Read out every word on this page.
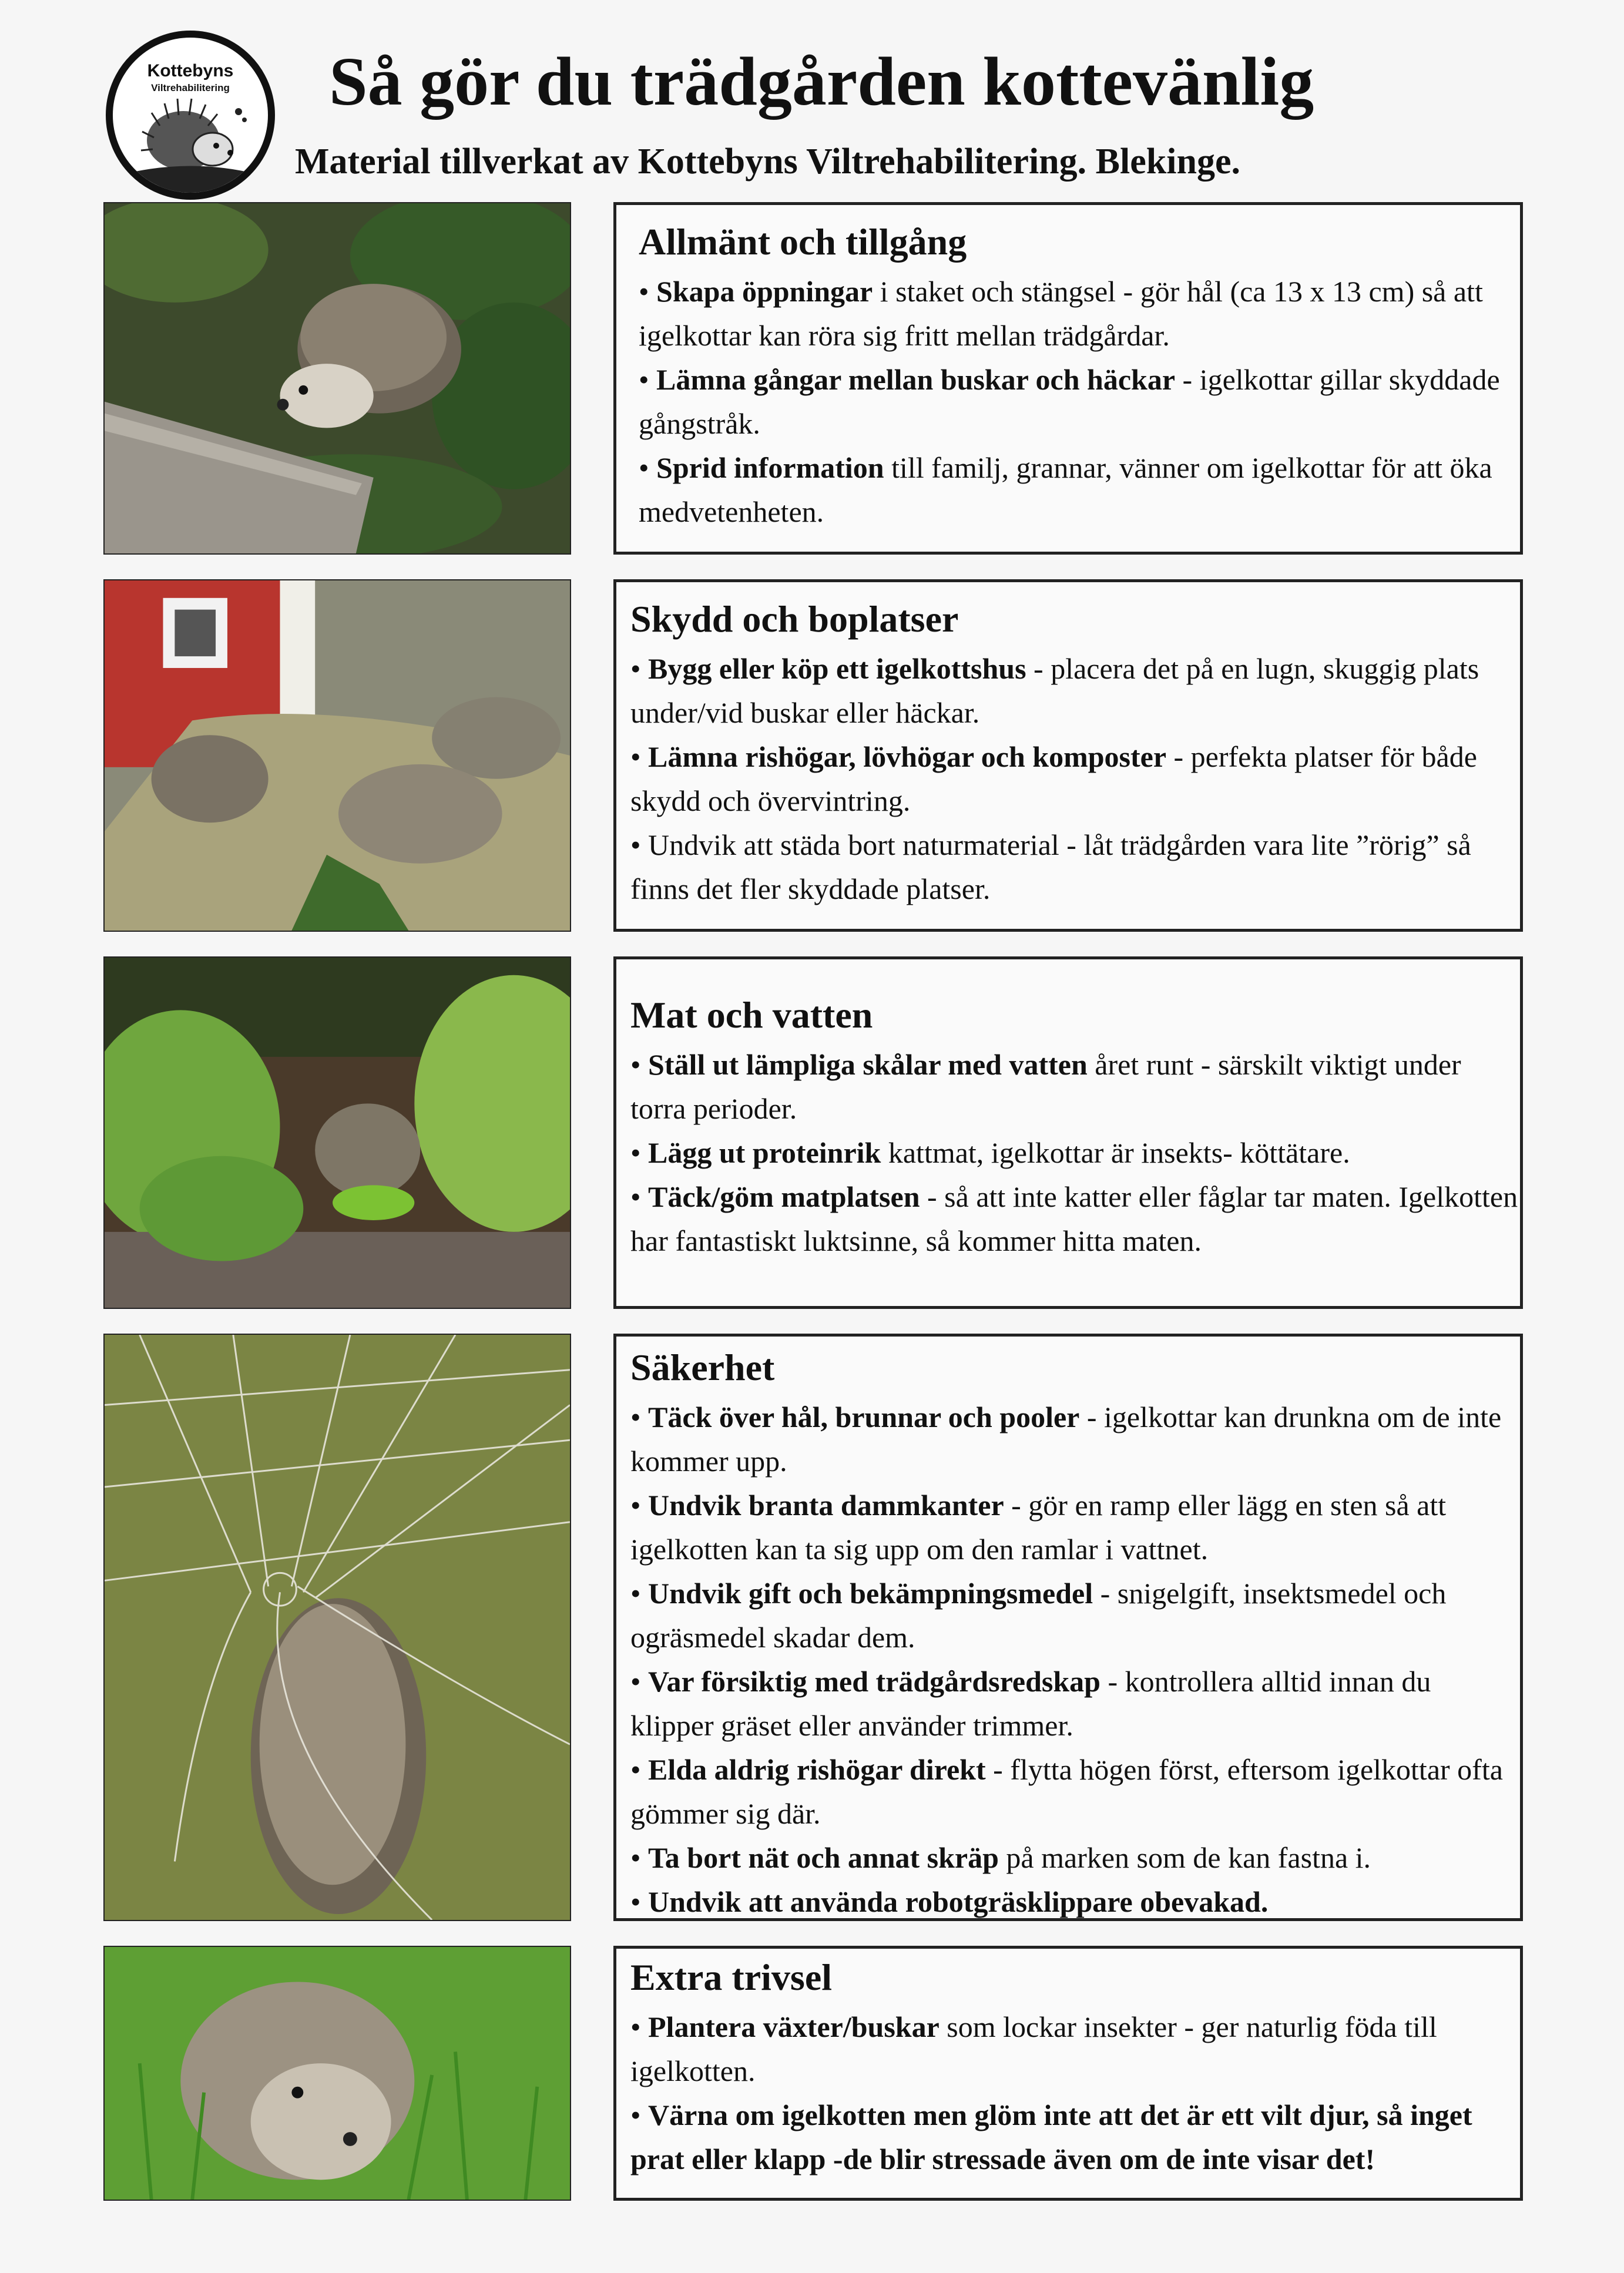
Kottebyns
Viltrehabilitering	Så gör du trädgården kottevänlig

Material tillverkat av Kottebyns Viltrehabilitering. Blekinge.

Allmänt och tillgång

• Skapa öppningar i staket och stängsel - gör hål (ca 13 x 13 cm) så att igelkottar kan röra sig fritt mellan trädgårdar.

• Lämna gångar mellan buskar och häckar - igelkottar gillar skyddade gångstråk.

• Sprid information till familj, grannar, vänner om igelkottar för att öka medvetenheten.

Skydd och boplatser

• Bygg eller köp ett igelkottshus - placera det på en lugn, skuggig plats under/vid buskar eller häckar.

• Lämna rishögar, lövhögar och komposter - perfekta platser för både skydd och övervintring.

• Undvik att städa bort naturmaterial - låt trädgården vara lite ”rörig” så finns det fler skyddade platser.

Mat och vatten

• Ställ ut lämpliga skålar med vatten året runt - särskilt viktigt under torra perioder.

• Lägg ut proteinrik kattmat, igelkottar är insekts- köttätare.

• Täck/göm matplatsen - så att inte katter eller fåglar tar maten. Igelkotten har fantastiskt luktsinne, så kommer hitta maten.

Säkerhet

• Täck över hål, brunnar och pooler - igelkottar kan drunkna om de inte kommer upp.

• Undvik branta dammkanter - gör en ramp eller lägg en sten så att igelkotten kan ta sig upp om den ramlar i vattnet.

• Undvik gift och bekämpningsmedel - snigelgift, insektsmedel och ogräsmedel skadar dem.

• Var försiktig med trädgårdsredskap - kontrollera alltid innan du klipper gräset eller använder trimmer.

• Elda aldrig rishögar direkt - flytta högen först, eftersom igelkottar ofta gömmer sig där.

• Ta bort nät och annat skräp på marken som de kan fastna i.

• Undvik att använda robotgräsklippare obevakad.

Extra trivsel

• Plantera växter/buskar som lockar insekter - ger naturlig föda till igelkotten.

• Värna om igelkotten men glöm inte att det är ett vilt djur, så inget prat eller klapp -de blir stressade även om de inte visar det!
